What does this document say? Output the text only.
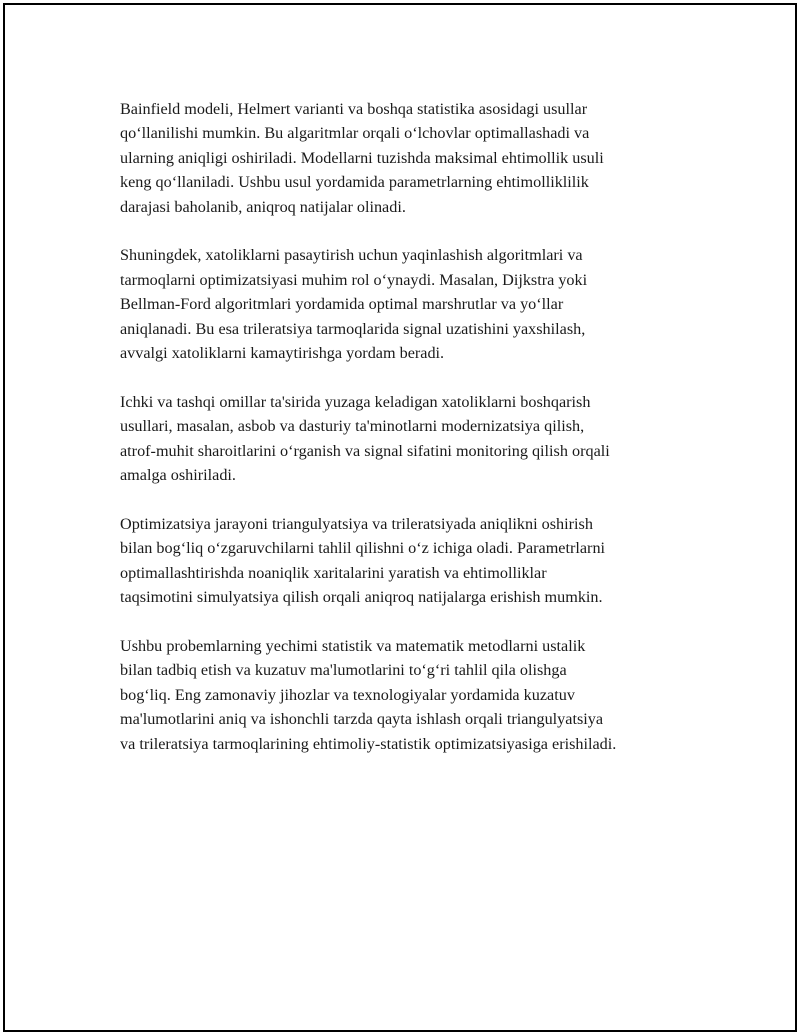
Bainfield modeli, Helmert varianti va boshqa statistika asosidagi usullar
qo‘llanilishi mumkin. Bu algaritmlar orqali o‘lchovlar optimallashadi va
ularning aniqligi oshiriladi. Modellarni tuzishda maksimal ehtimollik usuli
keng qo‘llaniladi. Ushbu usul yordamida parametrlarning ehtimolliklilik
darajasi baholanib, aniqroq natijalar olinadi.

Shuningdek, xatoliklarni pasaytirish uchun yaqinlashish algoritmlari va
tarmoqlarni optimizatsiyasi muhim rol o‘ynaydi. Masalan, Dijkstra yoki
Bellman-Ford algoritmlari yordamida optimal marshrutlar va yo‘llar
aniqlanadi. Bu esa trileratsiya tarmoqlarida signal uzatishini yaxshilash,
avvalgi xatoliklarni kamaytirishga yordam beradi.

Ichki va tashqi omillar ta'sirida yuzaga keladigan xatoliklarni boshqarish
usullari, masalan, asbob va dasturiy ta'minotlarni modernizatsiya qilish,
atrof-muhit sharoitlarini o‘rganish va signal sifatini monitoring qilish orqali
amalga oshiriladi.

Optimizatsiya jarayoni triangulyatsiya va trileratsiyada aniqlikni oshirish
bilan bog‘liq o‘zgaruvchilarni tahlil qilishni o‘z ichiga oladi. Parametrlarni
optimallashtirishda noaniqlik xaritalarini yaratish va ehtimolliklar
taqsimotini simulyatsiya qilish orqali aniqroq natijalarga erishish mumkin.

Ushbu probemlarning yechimi statistik va matematik metodlarni ustalik
bilan tadbiq etish va kuzatuv ma'lumotlarini to‘g‘ri tahlil qila olishga
bog‘liq. Eng zamonaviy jihozlar va texnologiyalar yordamida kuzatuv
ma'lumotlarini aniq va ishonchli tarzda qayta ishlash orqali triangulyatsiya
va trileratsiya tarmoqlarining ehtimoliy-statistik optimizatsiyasiga erishiladi.
